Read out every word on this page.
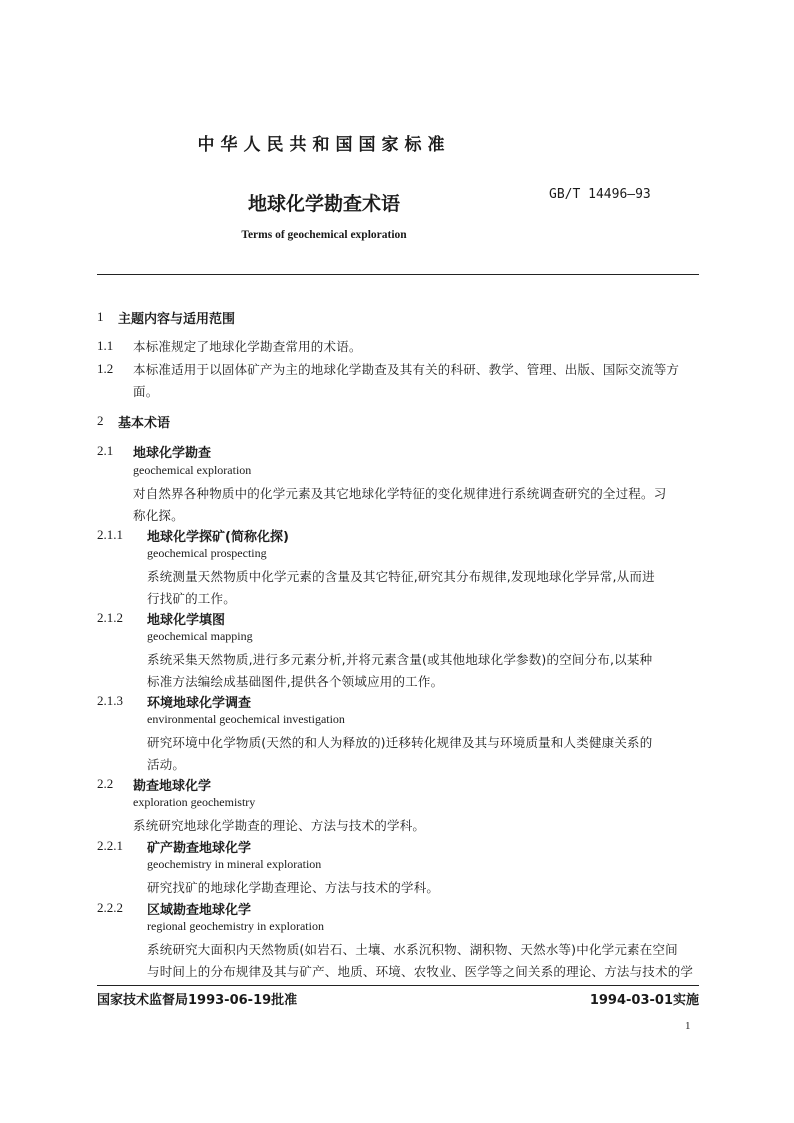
中华人民共和国国家标准
地球化学勘查术语	GB/T 14496—93
Terms of geochemical exploration
1 主题内容与适用范围
1.1 本标准规定了地球化学勘查常用的术语。
1.2 本标准适用于以固体矿产为主的地球化学勘查及其有关的科研、教学、管理、出版、国际交流等方
面。
2 基本术语
2.1 地球化学勘查
geochemical exploration
对自然界各种物质中的化学元素及其它地球化学特征的变化规律进行系统调查研究的全过程。习
称化探。
2.1.1 地球化学探矿(简称化探)
geochemical prospecting
系统测量天然物质中化学元素的含量及其它特征,研究其分布规律,发现地球化学异常,从而进
行找矿的工作。
2.1.2 地球化学填图
geochemical mapping
系统采集天然物质,进行多元素分析,并将元素含量(或其他地球化学参数)的空间分布,以某种
标准方法编绘成基础图件,提供各个领域应用的工作。
2.1.3 环境地球化学调查
environmental geochemical investigation
研究环境中化学物质(天然的和人为释放的)迁移转化规律及其与环境质量和人类健康关系的
活动。
2.2 勘查地球化学
exploration geochemistry
系统研究地球化学勘查的理论、方法与技术的学科。
2.2.1 矿产勘查地球化学
geochemistry in mineral exploration
研究找矿的地球化学勘查理论、方法与技术的学科。
2.2.2 区域勘查地球化学
regional geochemistry in exploration
系统研究大面积内天然物质(如岩石、土壤、水系沉积物、湖积物、天然水等)中化学元素在空间
与时间上的分布规律及其与矿产、地质、环境、农牧业、医学等之间关系的理论、方法与技术的学
国家技术监督局1993-06-19批准	1994-03-01实施
1
